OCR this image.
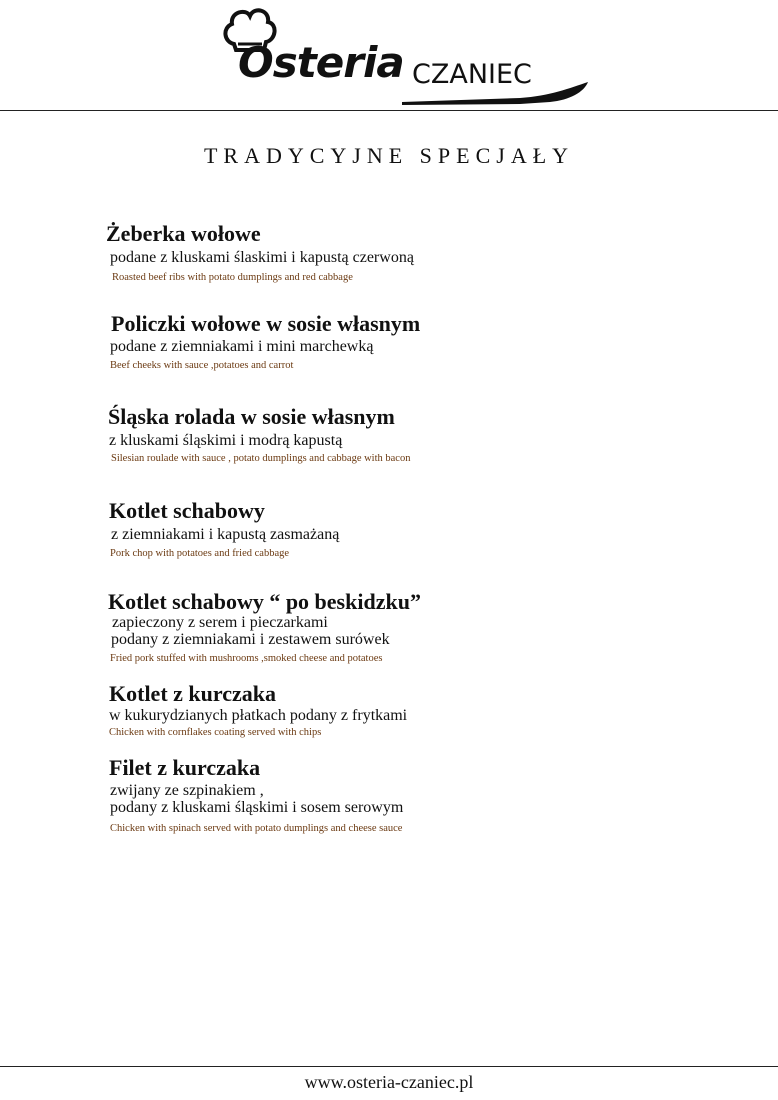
Osteria CZANIEC
TRADYCYJNE SPECJAŁY
Żeberka wołowe
podane z kluskami ślaskimi i kapustą czerwoną
Roasted beef ribs with potato dumplings and red cabbage
Policzki wołowe w sosie własnym
podane z ziemniakami i mini marchewką
Beef cheeks with sauce ,potatoes and carrot
Śląska rolada w sosie własnym
z kluskami śląskimi i modrą kapustą
Silesian roulade with sauce , potato dumplings and cabbage with bacon
Kotlet schabowy
z ziemniakami i kapustą zasmażaną
Pork chop with potatoes and fried cabbage
Kotlet schabowy “ po beskidzku”
zapieczony z serem i pieczarkami
podany z ziemniakami i zestawem surówek
Fried pork stuffed with mushrooms ,smoked cheese and potatoes
Kotlet z kurczaka
w kukurydzianych płatkach podany z frytkami
Chicken with cornflakes coating served with chips
Filet z kurczaka
zwijany ze szpinakiem ,
podany z kluskami śląskimi i sosem serowym
Chicken with spinach served with potato dumplings and cheese sauce
www.osteria-czaniec.pl
